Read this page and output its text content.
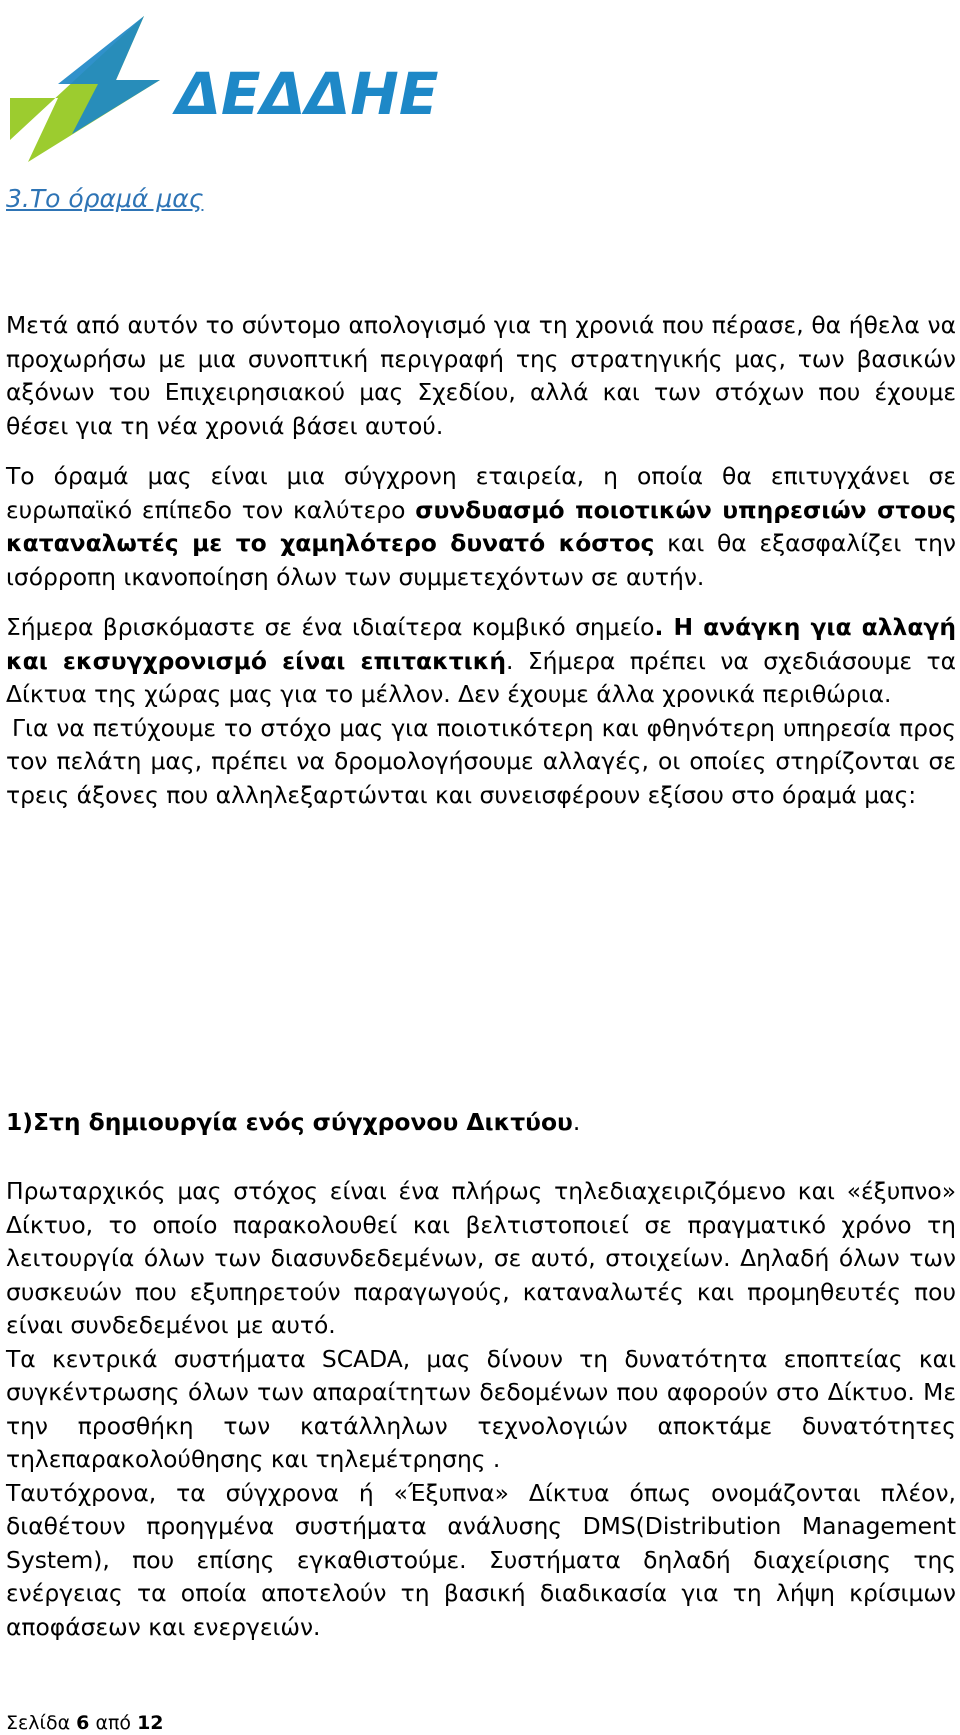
ΔΕΔΔΗΕ
3.Το όραμά μας

Μετά από αυτόν το σύντομο απολογισμό για τη χρονιά που πέρασε, θα ήθελα να προχωρήσω με μια συνοπτική περιγραφή της στρατηγικής μας, των βασικών αξόνων του Επιχειρησιακού μας Σχεδίου, αλλά και των στόχων που έχουμε θέσει για τη νέα χρονιά βάσει αυτού.

Το όραμά μας είναι μια σύγχρονη εταιρεία, η οποία θα επιτυγχάνει σε ευρωπαϊκό επίπεδο τον καλύτερο συνδυασμό ποιοτικών υπηρεσιών στους καταναλωτές με το χαμηλότερο δυνατό κόστος και θα εξασφαλίζει την ισόρροπη ικανοποίηση όλων των συμμετεχόντων σε αυτήν.

Σήμερα βρισκόμαστε σε ένα ιδιαίτερα κομβικό σημείο. Η ανάγκη για αλλαγή και εκσυγχρονισμό είναι επιτακτική. Σήμερα πρέπει να σχεδιάσουμε τα Δίκτυα της χώρας μας για το μέλλον. Δεν έχουμε άλλα χρονικά περιθώρια.

Για να πετύχουμε το στόχο μας για ποιοτικότερη και φθηνότερη υπηρεσία προς τον πελάτη μας, πρέπει να δρομολογήσουμε αλλαγές, οι οποίες στηρίζονται σε τρεις άξονες που αλληλεξαρτώνται και συνεισφέρουν εξίσου στο όραμά μας:

1)Στη δημιουργία ενός σύγχρονου Δικτύου.

Πρωταρχικός μας στόχος είναι ένα πλήρως τηλεδιαχειριζόμενο και «έξυπνο» Δίκτυο, το οποίο παρακολουθεί και βελτιστοποιεί σε πραγματικό χρόνο τη λειτουργία όλων των διασυνδεδεμένων, σε αυτό, στοιχείων. Δηλαδή όλων των συσκευών που εξυπηρετούν παραγωγούς, καταναλωτές και προμηθευτές που είναι συνδεδεμένοι με αυτό.

Τα κεντρικά συστήματα SCADA, μας δίνουν τη δυνατότητα εποπτείας και συγκέντρωσης όλων των απαραίτητων δεδομένων που αφορούν στο Δίκτυο. Με την προσθήκη των κατάλληλων τεχνολογιών αποκτάμε δυνατότητες τηλεπαρακολούθησης και τηλεμέτρησης .

Ταυτόχρονα, τα σύγχρονα ή «Έξυπνα» Δίκτυα όπως ονομάζονται πλέον, διαθέτουν προηγμένα συστήματα ανάλυσης DMS(Distribution Management System), που επίσης εγκαθιστούμε. Συστήματα δηλαδή διαχείρισης της ενέργειας τα οποία αποτελούν τη βασική διαδικασία για τη λήψη κρίσιμων αποφάσεων και ενεργειών.

Σελίδα 6 από 12
